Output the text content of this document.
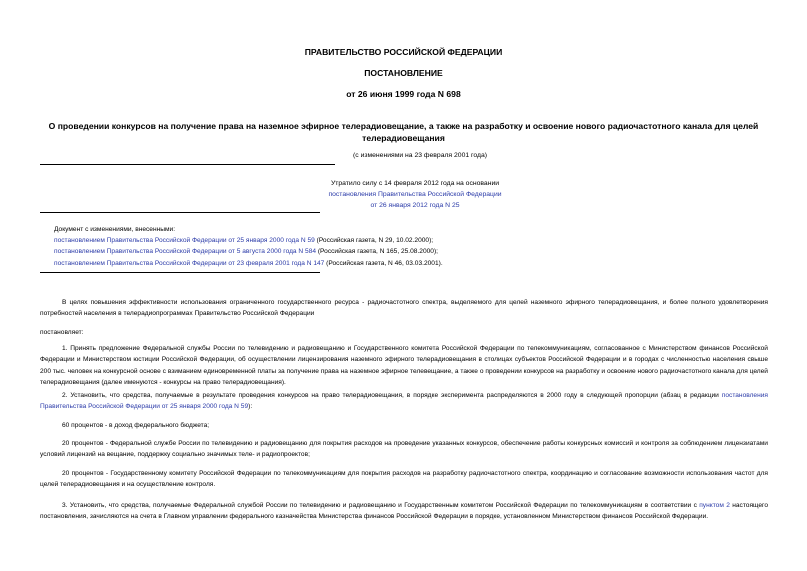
ПРАВИТЕЛЬСТВО РОССИЙСКОЙ ФЕДЕРАЦИИ
ПОСТАНОВЛЕНИЕ
от 26 июня 1999 года N 698
О проведении конкурсов на получение права на наземное эфирное телерадиовещание, а также на разработку и освоение нового радиочастотного канала для целей телерадиовещания
(с изменениями на 23 февраля 2001 года)
Утратило силу с 14 февраля 2012 года на основании
постановления Правительства Российской Федерации
от 26 января 2012 года N 25
Документ с изменениями, внесенными:
постановлением Правительства Российской Федерации от 25 января 2000 года N 59 (Российская газета, N 29, 10.02.2000);
постановлением Правительства Российской Федерации от 5 августа 2000 года N 584 (Российская газета, N 165, 25.08.2000);
постановлением Правительства Российской Федерации от 23 февраля 2001 года N 147 (Российская газета, N 46, 03.03.2001).
В целях повышения эффективности использования ограниченного государственного ресурса - радиочастотного спектра, выделяемого для целей наземного эфирного телерадиовещания, и более полного удовлетворения потребностей населения в телерадиопрограммах Правительство Российской Федерации
постановляет:
1. Принять предложение Федеральной службы России по телевидению и радиовещанию и Государственного комитета Российской Федерации по телекоммуникациям, согласованное с Министерством финансов Российской Федерации и Министерством юстиции Российской Федерации, об осуществлении лицензирования наземного эфирного телерадиовещания в столицах субъектов Российской Федерации и в городах с численностью населения свыше 200 тыс. человек на конкурсной основе с взиманием единовременной платы за получение права на наземное эфирное телевещание, а также о проведении конкурсов на разработку и освоение нового радиочастотного канала для целей телерадиовещания (далее именуются - конкурсы на право телерадиовещания).
2. Установить, что средства, получаемые в результате проведения конкурсов на право телерадиовещания, в порядке эксперимента распределяются в 2000 году в следующей пропорции (абзац в редакции постановления Правительства Российской Федерации от 25 января 2000 года N 59):
60 процентов - в доход федерального бюджета;
20 процентов - Федеральной службе России по телевидению и радиовещанию для покрытия расходов на проведение указанных конкурсов, обеспечение работы конкурсных комиссий и контроля за соблюдением лицензиатами условий лицензий на вещание, поддержку социально значимых теле- и радиопроектов;
20 процентов - Государственному комитету Российской Федерации по телекоммуникациям для покрытия расходов на разработку радиочастотного спектра, координацию и согласование возможности использования частот для целей телерадиовещания и на осуществление контроля.
3. Установить, что средства, получаемые Федеральной службой России по телевидению и радиовещанию и Государственным комитетом Российской Федерации по телекоммуникациям в соответствии с пунктом 2 настоящего постановления, зачисляются на счета в Главном управлении федерального казначейства Министерства финансов Российской Федерации в порядке, установленном Министерством финансов Российской Федерации.
